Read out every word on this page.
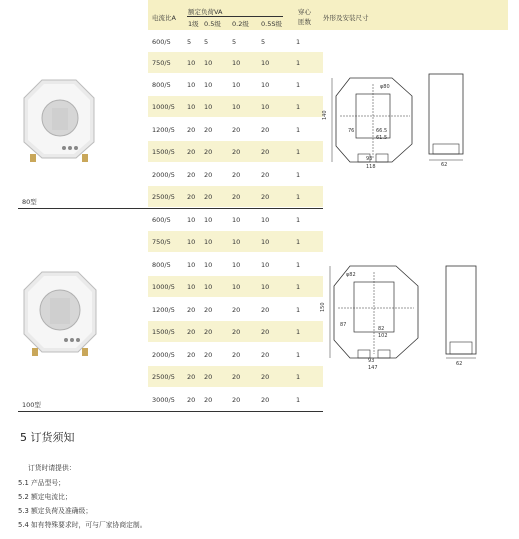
电流比A
额定负荷VA
1级 0.5级 0.2级 0.5S级
穿心
匝数 外形及安装尺寸
600/5	5 5	5	5	1
750/5	10 10	10	10	1
800/5	10 10	10	10	1
1000/5 10 10	10	10	1
1200/5 20 20	20	20	1
1500/5 20 20	20	20	1
2000/5 20 20	20	20	1
2500/5 20 20	20	20	1
80型
600/5	10 10	10	10	1
750/5	10 10	10	10	1
800/5	10 10	10	10	1
1000/5 10 10	10	10	1
1200/5 20 20	20	20	1
1500/5 20 20	20	20	1
2000/5 20 20	20	20	1
2500/5 20 20	20	20	1
3000/5 20 20	20	20	1
100型
φ80
140
76	66.5
61.5
93
118	62
φ82
150
87
82
102
93
147
62
5 订货须知
订货时请提供：
5.1 产品型号；
5.2 额定电流比；
5.3 额定负荷及准确级；
5.4 如有特殊要求时，可与厂家协商定制。
